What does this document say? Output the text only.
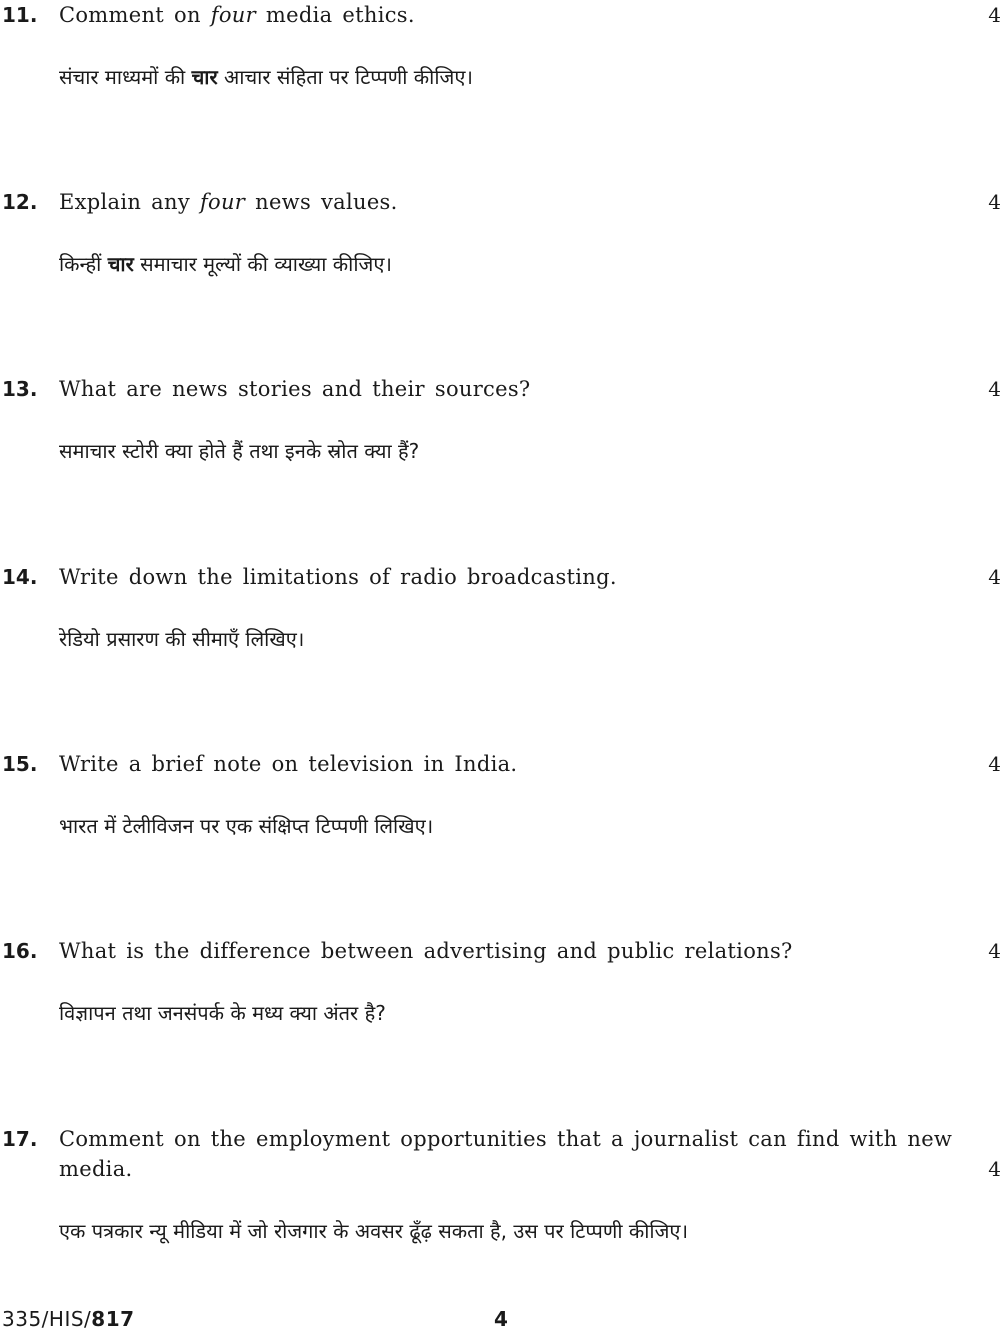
11. Comment on four media ethics.
संचार माध्यमों की चार आचार संहिता पर टिप्पणी कीजिए।
4
12. Explain any four news values.
किन्हीं चार समाचार मूल्यों की व्याख्या कीजिए।
4
13. What are news stories and their sources?
समाचार स्टोरी क्या होते हैं तथा इनके स्रोत क्या हैं?
4
14. Write down the limitations of radio broadcasting.
रेडियो प्रसारण की सीमाएँ लिखिए।
4
15. Write a brief note on television in India.
भारत में टेलीविजन पर एक संक्षिप्त टिप्पणी लिखिए।
4
16. What is the difference between advertising and public relations?
विज्ञापन तथा जनसंपर्क के मध्य क्या अंतर है?
4
17. Comment on the employment opportunities that a journalist can find with new
media.
एक पत्रकार न्यू मीडिया में जो रोजगार के अवसर ढूँढ़ सकता है, उस पर टिप्पणी कीजिए।
4
335/HIS/817	4
